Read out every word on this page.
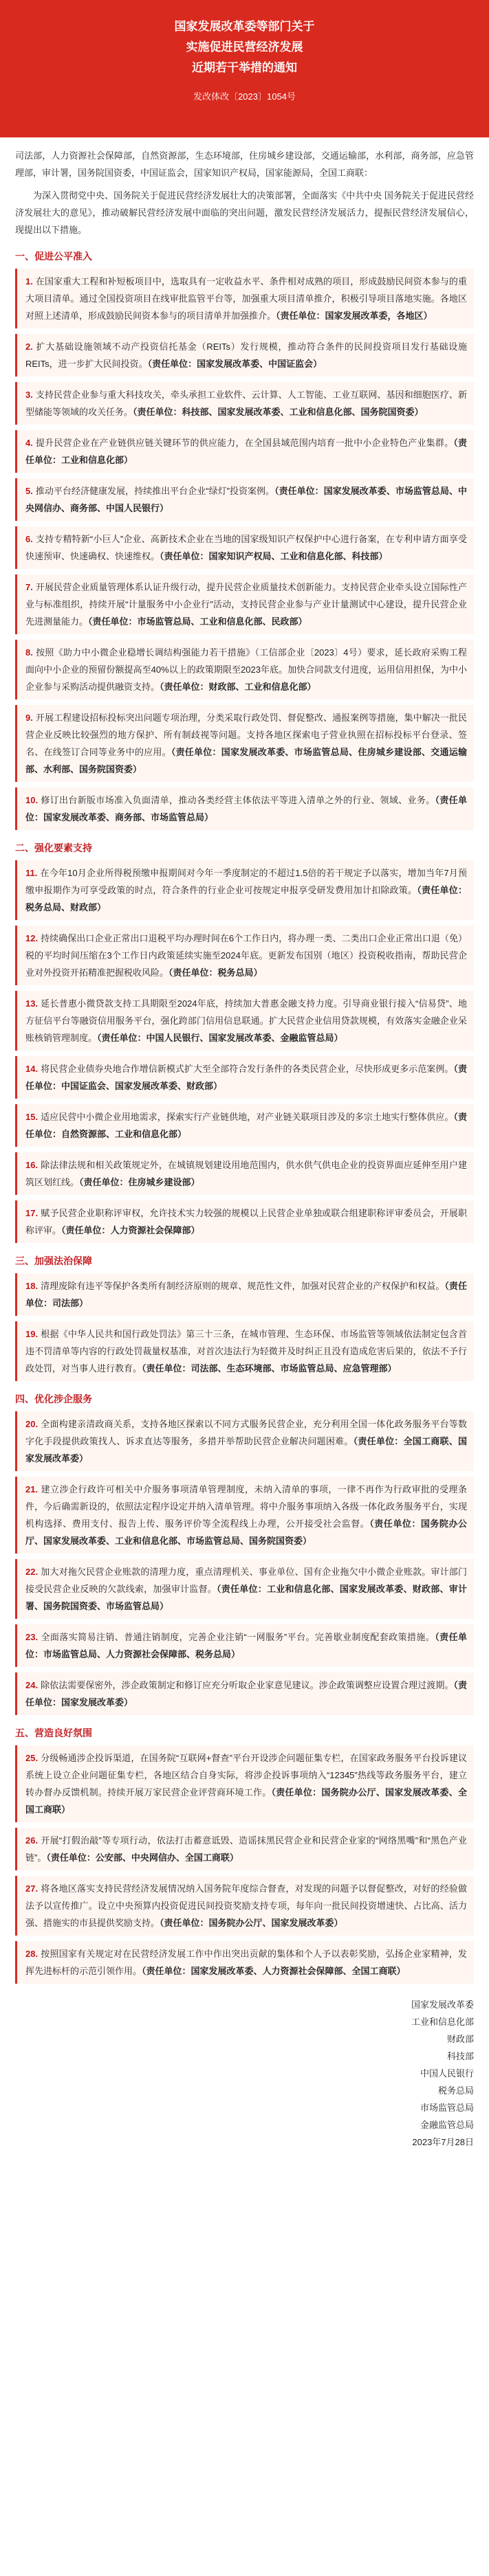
国家发展改革委等部门关于

实施促进民营经济发展

近期若干举措的通知

发改体改〔2023〕1054号

司法部，人力资源社会保障部，自然资源部，生态环境部，住房城乡建设部，交通运输部，水利部，商务部，应急管理部，审计署，国务院国资委，中国证监会，国家知识产权局，国家能源局，全国工商联：

为深入贯彻党中央、国务院关于促进民营经济发展壮大的决策部署，全面落实《中共中央 国务院关于促进民营经济发展壮大的意见》，推动破解民营经济发展中面临的突出问题，激发民营经济发展活力，提振民营经济发展信心，现提出以下措施。

一、促进公平准入
1. 在国家重大工程和补短板项目中，选取具有一定收益水平、条件相对成熟的项目，形成鼓励民间资本参与的重大项目清单。通过全国投资项目在线审批监管平台等，加强重大项目清单推介，积极引导项目落地实施。各地区对照上述清单，形成鼓励民间资本参与的项目清单并加强推介。（责任单位：国家发展改革委，各地区）
2. 扩大基础设施领域不动产投资信托基金（REITs）发行规模，推动符合条件的民间投资项目发行基础设施REITs，进一步扩大民间投资。（责任单位：国家发展改革委、中国证监会）
3. 支持民营企业参与重大科技攻关，牵头承担工业软件、云计算、人工智能、工业互联网、基因和细胞医疗、新型储能等领域的攻关任务。（责任单位：科技部、国家发展改革委、工业和信息化部、国务院国资委）
4. 提升民营企业在产业链供应链关键环节的供应能力，在全国县域范围内培育一批中小企业特色产业集群。（责任单位：工业和信息化部）
5. 推动平台经济健康发展，持续推出平台企业“绿灯”投资案例。（责任单位：国家发展改革委、市场监管总局、中央网信办、商务部、中国人民银行）
6. 支持专精特新“小巨人”企业、高新技术企业在当地的国家级知识产权保护中心进行备案，在专利申请方面享受快速预审、快速确权、快速维权。（责任单位：国家知识产权局、工业和信息化部、科技部）
7. 开展民营企业质量管理体系认证升级行动，提升民营企业质量技术创新能力。支持民营企业牵头设立国际性产业与标准组织，持续开展“计量服务中小企业行”活动，支持民营企业参与产业计量测试中心建设，提升民营企业先进测量能力。（责任单位：市场监管总局、工业和信息化部、民政部）
8. 按照《助力中小微企业稳增长调结构强能力若干措施》（工信部企业〔2023〕4号）要求，延长政府采购工程面向中小企业的预留份额提高至40%以上的政策期限至2023年底。加快合同款支付进度，运用信用担保，为中小企业参与采购活动提供融资支持。（责任单位：财政部、工业和信息化部）
9. 开展工程建设招标投标突出问题专项治理，分类采取行政处罚、督促整改、通报案例等措施，集中解决一批民营企业反映比较强烈的地方保护、所有制歧视等问题。支持各地区探索电子营业执照在招标投标平台登录、签名、在线签订合同等业务中的应用。（责任单位：国家发展改革委、市场监管总局、住房城乡建设部、交通运输部、水利部、国务院国资委）
10. 修订出台新版市场准入负面清单，推动各类经营主体依法平等进入清单之外的行业、领域、业务。（责任单位：国家发展改革委、商务部、市场监管总局）
二、强化要素支持
11. 在今年10月企业所得税预缴申报期间对今年一季度制定的不超过1.5倍的若干规定予以落实，增加当年7月预缴申报期作为可享受政策的时点，符合条件的行业企业可按规定申报享受研发费用加计扣除政策。（责任单位：税务总局、财政部）
12. 持续确保出口企业正常出口退税平均办理时间在6个工作日内，将办理一类、二类出口企业正常出口退（免）税的平均时间压缩在3个工作日内政策延续实施至2024年底。更新发布国别（地区）投资税收指南，帮助民营企业对外投资开拓精准把握税收风险。（责任单位：税务总局）
13. 延长普惠小微贷款支持工具期限至2024年底，持续加大普惠金融支持力度。引导商业银行接入“信易贷”、地方征信平台等融资信用服务平台，强化跨部门信用信息联通。扩大民营企业信用贷款规模，有效落实金融企业呆账核销管理制度。（责任单位：中国人民银行、国家发展改革委、金融监管总局）
14. 将民营企业债券央地合作增信新模式扩大至全部符合发行条件的各类民营企业，尽快形成更多示范案例。（责任单位：中国证监会、国家发展改革委、财政部）
15. 适应民营中小微企业用地需求，探索实行产业链供地，对产业链关联项目涉及的多宗土地实行整体供应。（责任单位：自然资源部、工业和信息化部）
16. 除法律法规和相关政策规定外，在城镇规划建设用地范围内，供水供气供电企业的投资界面应延伸至用户建筑区划红线。（责任单位：住房城乡建设部）
17. 赋予民营企业职称评审权，允许技术实力较强的规模以上民营企业单独或联合组建职称评审委员会，开展职称评审。（责任单位：人力资源社会保障部）
三、加强法治保障
18. 清理废除有违平等保护各类所有制经济原则的规章、规范性文件，加强对民营企业的产权保护和权益。（责任单位：司法部）
19. 根据《中华人民共和国行政处罚法》第三十三条，在城市管理、生态环保、市场监管等领域依法制定包含首违不罚清单等内容的行政处罚裁量权基准，对首次违法行为轻微并及时纠正且没有造成危害后果的，依法不予行政处罚，对当事人进行教育。（责任单位：司法部、生态环境部、市场监管总局、应急管理部）
四、优化涉企服务
20. 全面构建亲清政商关系，支持各地区探索以不同方式服务民营企业，充分利用全国一体化政务服务平台等数字化手段提供政策找人、诉求直达等服务，多措并举帮助民营企业解决问题困难。（责任单位：全国工商联、国家发展改革委）
21. 建立涉企行政许可相关中介服务事项清单管理制度，未纳入清单的事项，一律不再作为行政审批的受理条件，今后确需新设的，依照法定程序设定并纳入清单管理。将中介服务事项纳入各级一体化政务服务平台，实现机构选择、费用支付、报告上传、服务评价等全流程线上办理，公开接受社会监督。（责任单位：国务院办公厅、国家发展改革委、工业和信息化部、市场监管总局、国务院国资委）
22. 加大对拖欠民营企业账款的清理力度，重点清理机关、事业单位、国有企业拖欠中小微企业账款。审计部门接受民营企业反映的欠款线索，加强审计监督。（责任单位：工业和信息化部、国家发展改革委、财政部、审计署、国务院国资委、市场监管总局）
23. 全面落实简易注销、普通注销制度，完善企业注销“一网服务”平台。完善歇业制度配套政策措施。（责任单位：市场监管总局、人力资源社会保障部、税务总局）
24. 除依法需要保密外，涉企政策制定和修订应充分听取企业家意见建议。涉企政策调整应设置合理过渡期。（责任单位：国家发展改革委）
五、营造良好氛围
25. 分级畅通涉企投诉渠道，在国务院“互联网+督查”平台开设涉企问题征集专栏，在国家政务服务平台投诉建议系统上设立企业问题征集专栏，各地区结合自身实际，将涉企投诉事项纳入“12345”热线等政务服务平台，建立转办督办反馈机制。持续开展万家民营企业评营商环境工作。（责任单位：国务院办公厅、国家发展改革委、全国工商联）
26. 开展“打假治敲”等专项行动，依法打击蓄意诋毁、造谣抹黑民营企业和民营企业家的“网络黑嘴”和“黑色产业链”。（责任单位：公安部、中央网信办、全国工商联）
27. 将各地区落实支持民营经济发展情况纳入国务院年度综合督查，对发现的问题予以督促整改，对好的经验做法予以宣传推广。设立中央预算内投资促进民间投资奖励支持专项，每年向一批民间投资增速快、占比高、活力强、措施实的市县提供奖励支持。（责任单位：国务院办公厅、国家发展改革委）
28. 按照国家有关规定对在民营经济发展工作中作出突出贡献的集体和个人予以表彰奖励，弘扬企业家精神，发挥先进标杆的示范引领作用。（责任单位：国家发展改革委、人力资源社会保障部、全国工商联）
国家发展改革委
工业和信息化部
财政部
科技部
中国人民银行
税务总局
市场监管总局
金融监管总局
2023年7月28日
